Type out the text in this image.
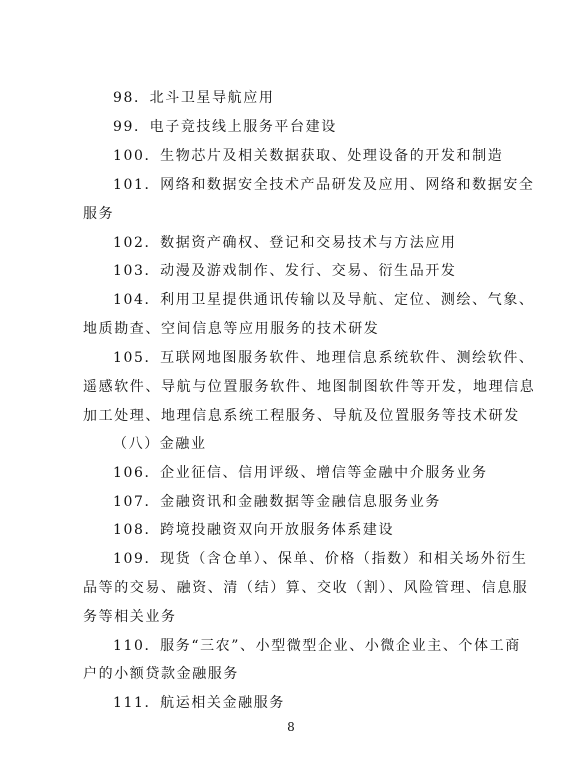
98．北斗卫星导航应用
99．电子竞技线上服务平台建设
100．生物芯片及相关数据获取、处理设备的开发和制造
101．网络和数据安全技术产品研发及应用、网络和数据安全
服务
102．数据资产确权、登记和交易技术与方法应用
103．动漫及游戏制作、发行、交易、衍生品开发
104．利用卫星提供通讯传输以及导航、定位、测绘、气象、
地质勘查、空间信息等应用服务的技术研发
105．互联网地图服务软件、地理信息系统软件、测绘软件、
遥感软件、导航与位置服务软件、地图制图软件等开发，地理信息
加工处理、地理信息系统工程服务、导航及位置服务等技术研发
（八）金融业
106．企业征信、信用评级、增信等金融中介服务业务
107．金融资讯和金融数据等金融信息服务业务
108．跨境投融资双向开放服务体系建设
109．现货（含仓单）、保单、价格（指数）和相关场外衍生
品等的交易、融资、清（结）算、交收（割）、风险管理、信息服
务等相关业务
110．服务“三农”、小型微型企业、小微企业主、个体工商
户的小额贷款金融服务
111．航运相关金融服务
8
